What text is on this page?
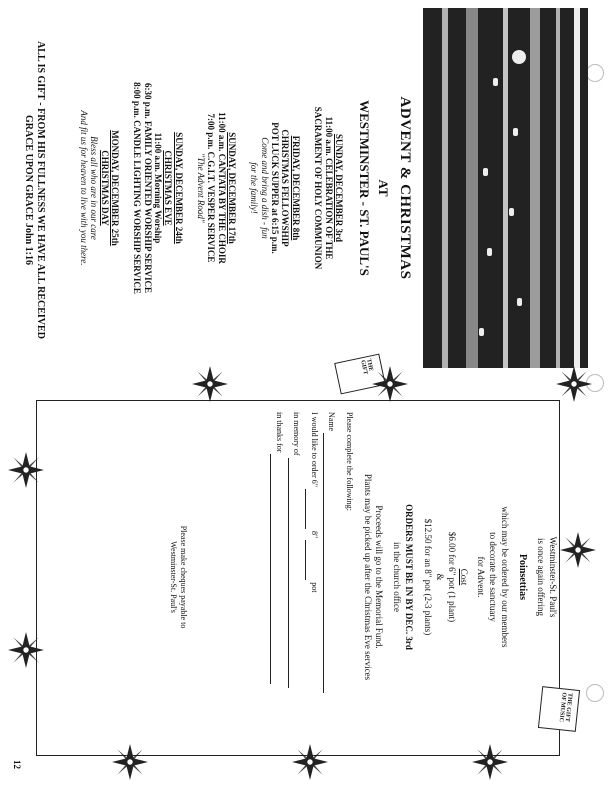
ADVENT & CHRISTMAS
AT
WESTMINSTER - ST. PAUL'S
SUNDAY, DECEMBER 3rd
11:00 a.m. CELEBRATION OF THE
SACRAMENT OF HOLY COMMUNION
FRIDAY, DECEMBER 8th
CHRISTMAS FELLOWSHIP
POT LUCK SUPPER at 6:15 p.m.
Come and bring a dish - fun
for the family!
SUNDAY, DECEMBER 17th
11:00 a.m. CANTATA BY THE CHOIR
7:00 p.m. C.G.I.T. VESPER SERVICE
"The Advent Road"
SUNDAY, DECEMBER 24th
CHRISTMAS EVE
11:00 a.m. Morning Worship
6:30 p.m. FAMILY ORIENTED WORSHIP SERVICE
8:00 p.m. CANDLE LIGHTING WORSHIP SERVICE
MONDAY, DECEMBER 25th
CHRISTMAS DAY
Bless all who are in our care
And fit us for heaven to live with you there.
THE GIFT
ALL IS GIFT - FROM HIS FULLNESS WE HAVE ALL RECEIVED
GRACE UPON GRACE John 1:16
THE GIFT OF MUSIC
Westminster-St. Paul's
is once again offering
Poinsettias
which may be ordered by our members
to decorate the sanctuary
for Advent.
Cost
$6.00 for 6" pot (1 plant)
&
$12.50 for an 8" pot (2-3 plants)
ORDERS MUST BE IN BY DEC. 3rd
in the church office
Proceeds will go to the Memorial Fund.
Plants may be picked up after the Christmas Eve services
Please complete the following:
Name
I would like to order 6"  8"  pot
in memory of
in thanks for
Please make cheques payable to
Westminster-St. Paul's
12
